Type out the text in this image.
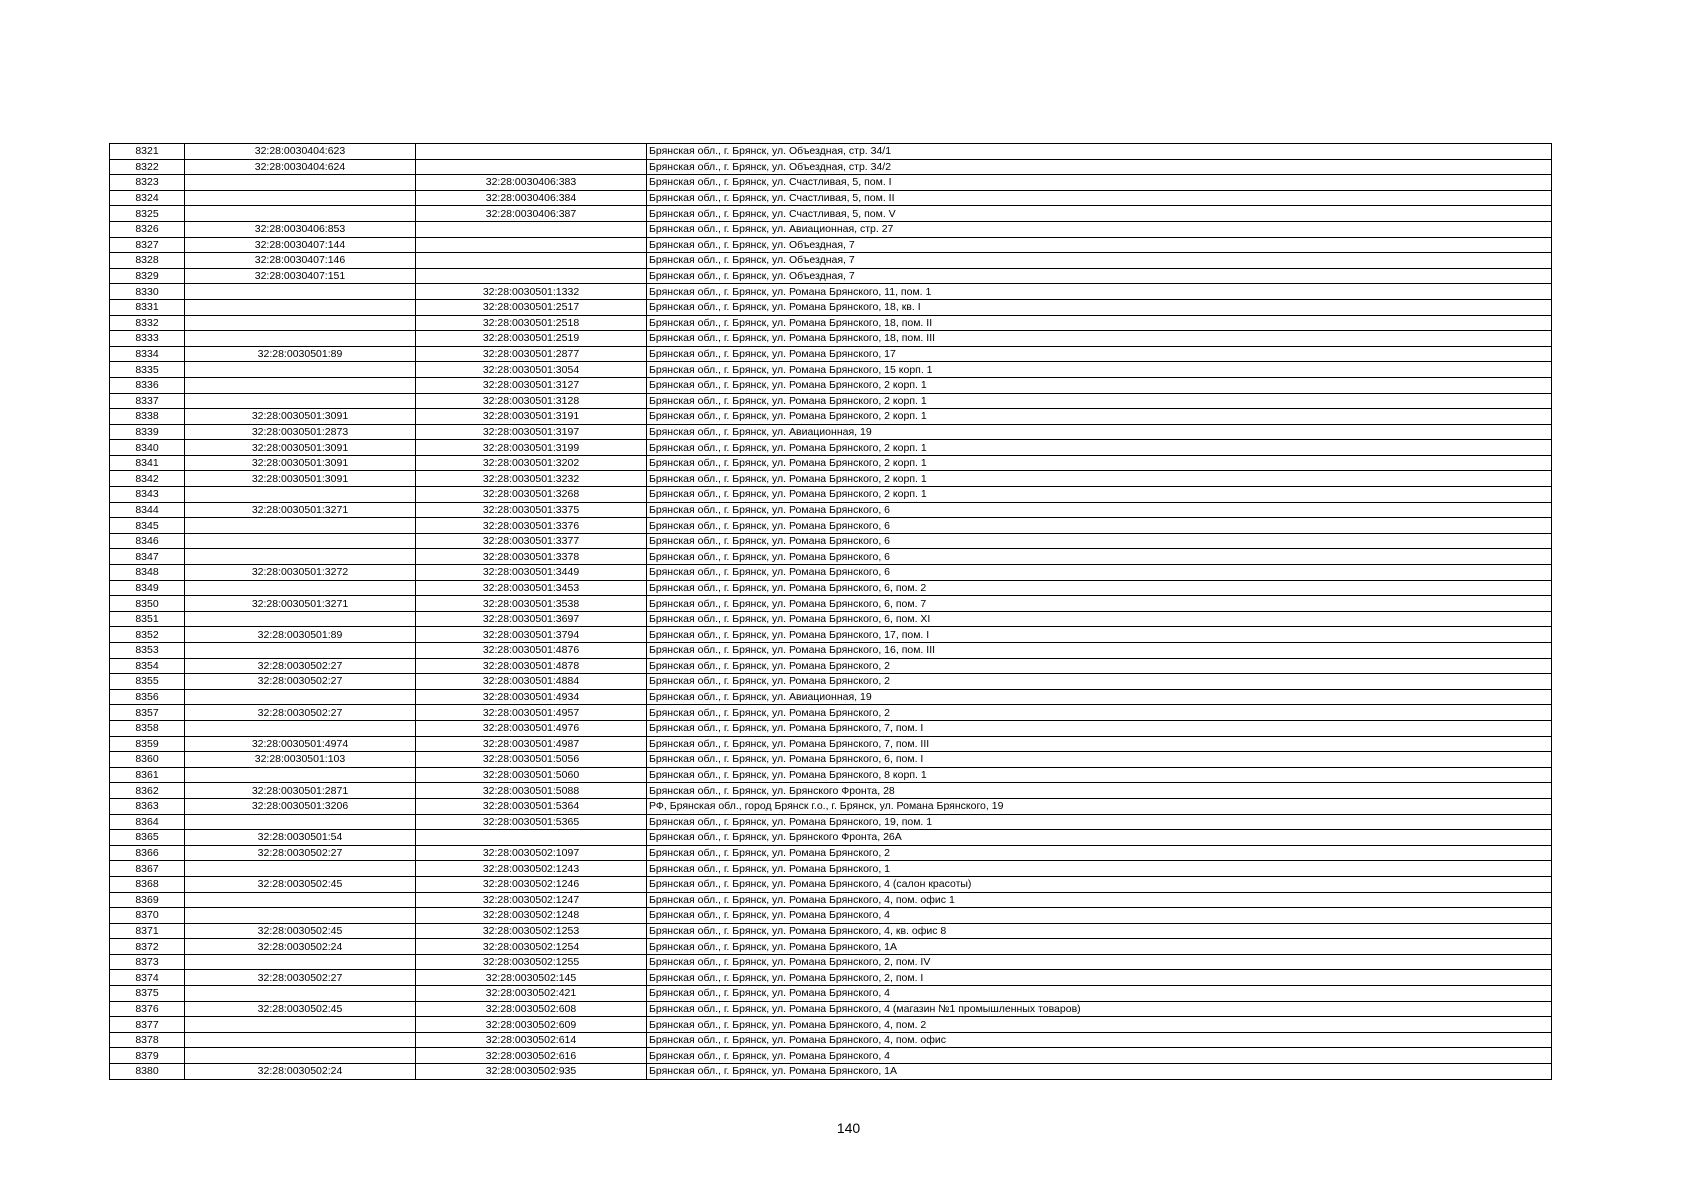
8321	32:28:0030404:623		Брянская обл., г. Брянск, ул. Объездная, стр. 34/1
8322	32:28:0030404:624		Брянская обл., г. Брянск, ул. Объездная, стр. 34/2
8323		32:28:0030406:383	Брянская обл., г. Брянск, ул. Счастливая, 5, пом. I
8324		32:28:0030406:384	Брянская обл., г. Брянск, ул. Счастливая, 5, пом. II
8325		32:28:0030406:387	Брянская обл., г. Брянск, ул. Счастливая, 5, пом. V
8326	32:28:0030406:853		Брянская обл., г. Брянск, ул. Авиационная, стр. 27
8327	32:28:0030407:144		Брянская обл., г. Брянск, ул. Объездная, 7
8328	32:28:0030407:146		Брянская обл., г. Брянск, ул. Объездная, 7
8329	32:28:0030407:151		Брянская обл., г. Брянск, ул. Объездная, 7
8330		32:28:0030501:1332	Брянская обл., г. Брянск, ул. Романа Брянского, 11, пом. 1
8331		32:28:0030501:2517	Брянская обл., г. Брянск, ул. Романа Брянского, 18, кв. I
8332		32:28:0030501:2518	Брянская обл., г. Брянск, ул. Романа Брянского, 18, пом. II
8333		32:28:0030501:2519	Брянская обл., г. Брянск, ул. Романа Брянского, 18, пом. III
8334	32:28:0030501:89	32:28:0030501:2877	Брянская обл., г. Брянск, ул. Романа Брянского, 17
8335		32:28:0030501:3054	Брянская обл., г. Брянск, ул. Романа Брянского, 15 корп. 1
8336		32:28:0030501:3127	Брянская обл., г. Брянск, ул. Романа Брянского, 2 корп. 1
8337		32:28:0030501:3128	Брянская обл., г. Брянск, ул. Романа Брянского, 2 корп. 1
8338	32:28:0030501:3091	32:28:0030501:3191	Брянская обл., г. Брянск, ул. Романа Брянского, 2 корп. 1
8339	32:28:0030501:2873	32:28:0030501:3197	Брянская обл., г. Брянск, ул. Авиационная, 19
8340	32:28:0030501:3091	32:28:0030501:3199	Брянская обл., г. Брянск, ул. Романа Брянского, 2 корп. 1
8341	32:28:0030501:3091	32:28:0030501:3202	Брянская обл., г. Брянск, ул. Романа Брянского, 2 корп. 1
8342	32:28:0030501:3091	32:28:0030501:3232	Брянская обл., г. Брянск, ул. Романа Брянского, 2 корп. 1
8343		32:28:0030501:3268	Брянская обл., г. Брянск, ул. Романа Брянского, 2 корп. 1
8344	32:28:0030501:3271	32:28:0030501:3375	Брянская обл., г. Брянск, ул. Романа Брянского, 6
8345		32:28:0030501:3376	Брянская обл., г. Брянск, ул. Романа Брянского, 6
8346		32:28:0030501:3377	Брянская обл., г. Брянск, ул. Романа Брянского, 6
8347		32:28:0030501:3378	Брянская обл., г. Брянск, ул. Романа Брянского, 6
8348	32:28:0030501:3272	32:28:0030501:3449	Брянская обл., г. Брянск, ул. Романа Брянского, 6
8349		32:28:0030501:3453	Брянская обл., г. Брянск, ул. Романа Брянского, 6, пом. 2
8350	32:28:0030501:3271	32:28:0030501:3538	Брянская обл., г. Брянск, ул. Романа Брянского, 6, пом. 7
8351		32:28:0030501:3697	Брянская обл., г. Брянск, ул. Романа Брянского, 6, пом. XI
8352	32:28:0030501:89	32:28:0030501:3794	Брянская обл., г. Брянск, ул. Романа Брянского, 17, пом. I
8353		32:28:0030501:4876	Брянская обл., г. Брянск, ул. Романа Брянского, 16, пом. III
8354	32:28:0030502:27	32:28:0030501:4878	Брянская обл., г. Брянск, ул. Романа Брянского, 2
8355	32:28:0030502:27	32:28:0030501:4884	Брянская обл., г. Брянск, ул. Романа Брянского, 2
8356		32:28:0030501:4934	Брянская обл., г. Брянск, ул. Авиационная, 19
8357	32:28:0030502:27	32:28:0030501:4957	Брянская обл., г. Брянск, ул. Романа Брянского, 2
8358		32:28:0030501:4976	Брянская обл., г. Брянск, ул. Романа Брянского, 7, пом. I
8359	32:28:0030501:4974	32:28:0030501:4987	Брянская обл., г. Брянск, ул. Романа Брянского, 7, пом. III
8360	32:28:0030501:103	32:28:0030501:5056	Брянская обл., г. Брянск, ул. Романа Брянского, 6, пом. I
8361		32:28:0030501:5060	Брянская обл., г. Брянск, ул. Романа Брянского, 8 корп. 1
8362	32:28:0030501:2871	32:28:0030501:5088	Брянская обл., г. Брянск, ул. Брянского Фронта, 28
8363	32:28:0030501:3206	32:28:0030501:5364	РФ, Брянская обл., город Брянск г.о., г. Брянск, ул. Романа Брянского, 19
8364		32:28:0030501:5365	Брянская обл., г. Брянск, ул. Романа Брянского, 19, пом. 1
8365	32:28:0030501:54		Брянская обл., г. Брянск, ул. Брянского Фронта, 26А
8366	32:28:0030502:27	32:28:0030502:1097	Брянская обл., г. Брянск, ул. Романа Брянского, 2
8367		32:28:0030502:1243	Брянская обл., г. Брянск, ул. Романа Брянского, 1
8368	32:28:0030502:45	32:28:0030502:1246	Брянская обл., г. Брянск, ул. Романа Брянского, 4 (салон красоты)
8369		32:28:0030502:1247	Брянская обл., г. Брянск, ул. Романа Брянского, 4, пом. офис 1
8370		32:28:0030502:1248	Брянская обл., г. Брянск, ул. Романа Брянского, 4
8371	32:28:0030502:45	32:28:0030502:1253	Брянская обл., г. Брянск, ул. Романа Брянского, 4, кв. офис 8
8372	32:28:0030502:24	32:28:0030502:1254	Брянская обл., г. Брянск, ул. Романа Брянского, 1А
8373		32:28:0030502:1255	Брянская обл., г. Брянск, ул. Романа Брянского, 2, пом. IV
8374	32:28:0030502:27	32:28:0030502:145	Брянская обл., г. Брянск, ул. Романа Брянского, 2, пом. I
8375		32:28:0030502:421	Брянская обл., г. Брянск, ул. Романа Брянского, 4
8376	32:28:0030502:45	32:28:0030502:608	Брянская обл., г. Брянск, ул. Романа Брянского, 4 (магазин №1 промышленных товаров)
8377		32:28:0030502:609	Брянская обл., г. Брянск, ул. Романа Брянского, 4, пом. 2
8378		32:28:0030502:614	Брянская обл., г. Брянск, ул. Романа Брянского, 4, пом. офис
8379		32:28:0030502:616	Брянская обл., г. Брянск, ул. Романа Брянского, 4
8380	32:28:0030502:24	32:28:0030502:935	Брянская обл., г. Брянск, ул. Романа Брянского, 1А
140
